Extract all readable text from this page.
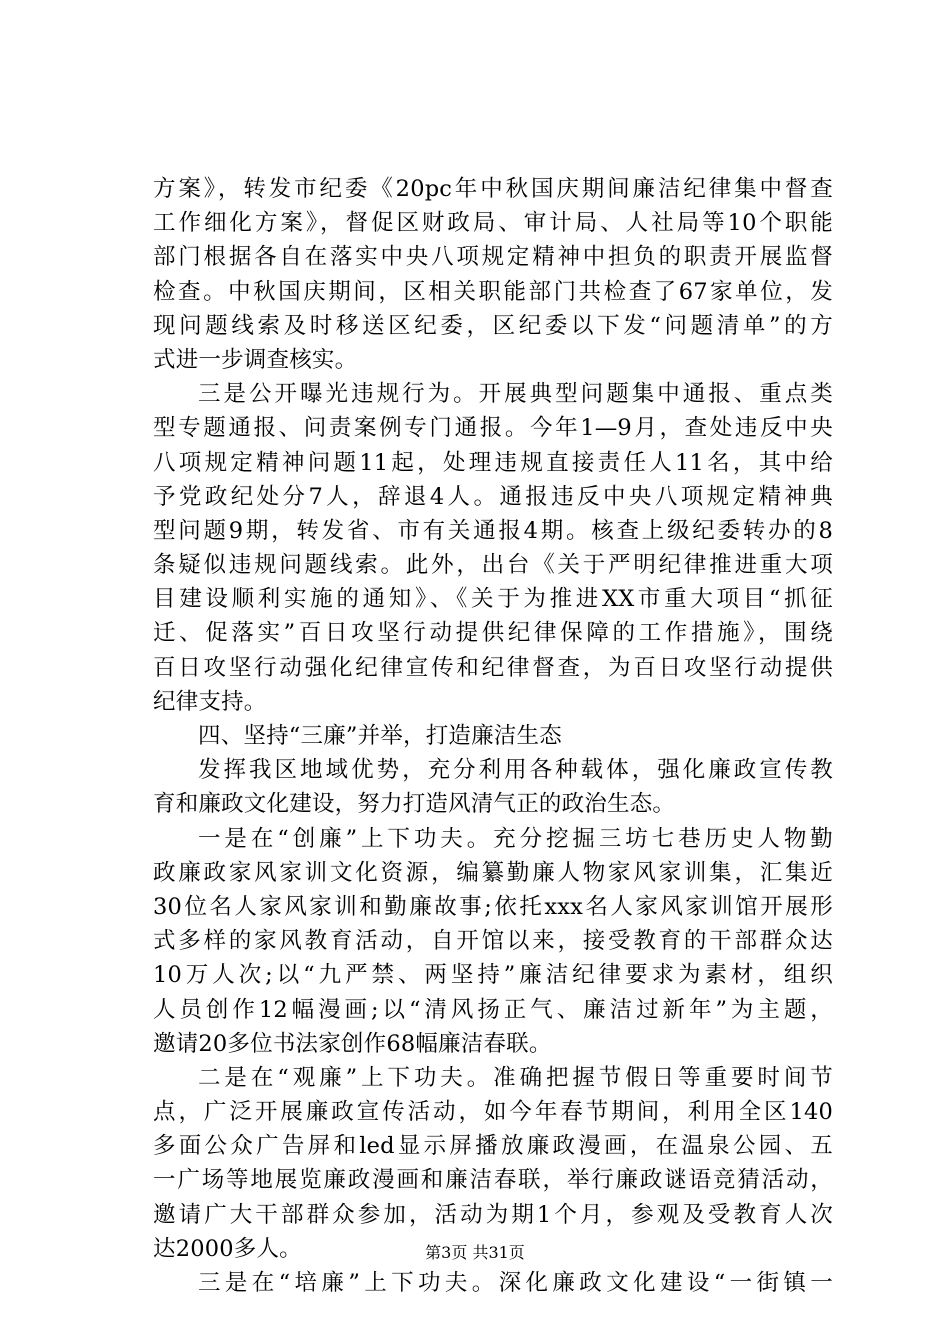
方案》，转发市纪委《20pc年中秋国庆期间廉洁纪律集中督查
工作细化方案》，督促区财政局、审计局、人社局等10个职能
部门根据各自在落实中央八项规定精神中担负的职责开展监督
检查。中秋国庆期间，区相关职能部门共检查了67家单位，发
现问题线索及时移送区纪委，区纪委以下发“问题清单”的方
式进一步调查核实。
三是公开曝光违规行为。开展典型问题集中通报、重点类
型专题通报、问责案例专门通报。今年1—9月，查处违反中央
八项规定精神问题11起，处理违规直接责任人11名，其中给
予党政纪处分7人，辞退4人。通报违反中央八项规定精神典
型问题9期，转发省、市有关通报4期。核查上级纪委转办的8
条疑似违规问题线索。此外，出台《关于严明纪律推进重大项
目建设顺利实施的通知》、《关于为推进XX市重大项目“抓征
迁、促落实”百日攻坚行动提供纪律保障的工作措施》，围绕
百日攻坚行动强化纪律宣传和纪律督查，为百日攻坚行动提供
纪律支持。
四、坚持“三廉”并举，打造廉洁生态
发挥我区地域优势，充分利用各种载体，强化廉政宣传教
育和廉政文化建设，努力打造风清气正的政治生态。
一是在“创廉”上下功夫。充分挖掘三坊七巷历史人物勤
政廉政家风家训文化资源，编纂勤廉人物家风家训集，汇集近
30位名人家风家训和勤廉故事;依托xxx名人家风家训馆开展形
式多样的家风教育活动，自开馆以来，接受教育的干部群众达
10万人次;以“九严禁、两坚持”廉洁纪律要求为素材，组织
人员创作12幅漫画;以“清风扬正气、廉洁过新年”为主题，
邀请20多位书法家创作68幅廉洁春联。
二是在“观廉”上下功夫。准确把握节假日等重要时间节
点，广泛开展廉政宣传活动，如今年春节期间，利用全区140
多面公众广告屏和led显示屏播放廉政漫画，在温泉公园、五
一广场等地展览廉政漫画和廉洁春联，举行廉政谜语竞猜活动，
邀请广大干部群众参加，活动为期1个月，参观及受教育人次
达2000多人。
三是在“培廉”上下功夫。深化廉政文化建设“一街镇一
第3页 共31页
